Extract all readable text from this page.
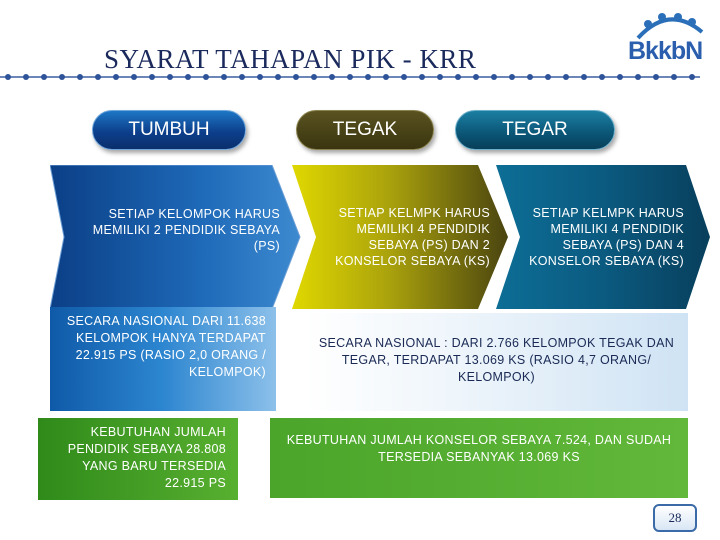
SYARAT TAHAPAN PIK - KRR	BkkbN
TUMBUH	TEGAK	TEGAR
SETIAP KELOMPOK HARUS MEMILIKI 2 PENDIDIK SEBAYA (PS)
SETIAP KELMPK HARUS MEMILIKI 4 PENDIDIK SEBAYA (PS) DAN 2 KONSELOR SEBAYA (KS)
SETIAP KELMPK HARUS MEMILIKI 4 PENDIDIK SEBAYA (PS) DAN 4 KONSELOR SEBAYA (KS)
SECARA NASIONAL DARI 11.638 KELOMPOK HANYA TERDAPAT 22.915 PS (RASIO 2,0 ORANG / KELOMPOK)
SECARA NASIONAL : DARI 2.766 KELOMPOK TEGAK DAN TEGAR, TERDAPAT 13.069 KS (RASIO 4,7 ORANG/ KELOMPOK)
KEBUTUHAN JUMLAH PENDIDIK SEBAYA 28.808 YANG BARU TERSEDIA 22.915 PS
KEBUTUHAN JUMLAH KONSELOR SEBAYA 7.524, DAN SUDAH TERSEDIA SEBANYAK 13.069 KS
28
